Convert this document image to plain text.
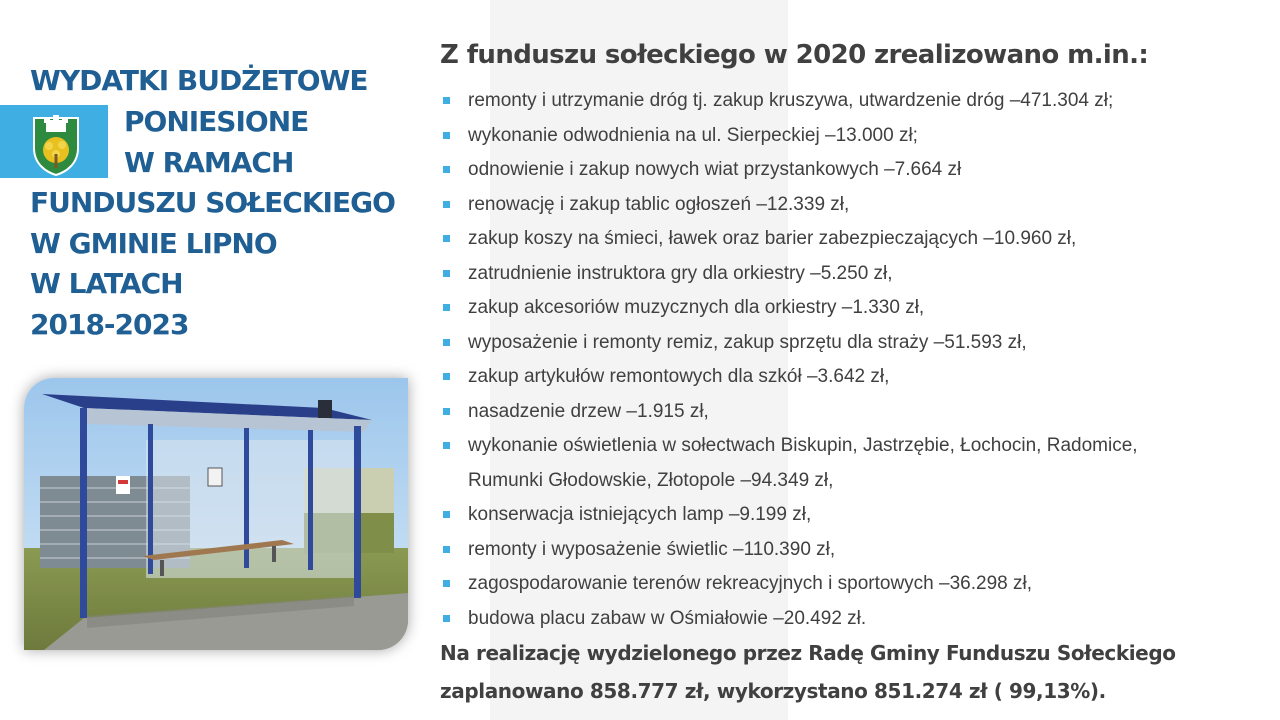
WYDATKI BUDŻETOWE
PONIESIONE
W RAMACH
FUNDUSZU SOŁECKIEGO
W GMINIE LIPNO
W LATACH
2018-2023
Z funduszu sołeckiego w 2020 zrealizowano m.in.:
remonty i utrzymanie dróg tj. zakup kruszywa, utwardzenie dróg –471.304 zł;
wykonanie odwodnienia na ul. Sierpeckiej –13.000 zł;
odnowienie i zakup nowych wiat przystankowych –7.664 zł
renowację i zakup tablic ogłoszeń –12.339 zł,
zakup koszy na śmieci, ławek oraz barier zabezpieczających –10.960 zł,
zatrudnienie instruktora gry dla orkiestry –5.250 zł,
zakup akcesoriów muzycznych dla orkiestry –1.330 zł,
wyposażenie i remonty remiz, zakup sprzętu dla straży –51.593 zł,
zakup artykułów remontowych dla szkół –3.642 zł,
nasadzenie drzew –1.915 zł,
wykonanie oświetlenia w sołectwach Biskupin, Jastrzębie, Łochocin, Radomice,
Rumunki Głodowskie, Złotopole –94.349 zł,
konserwacja istniejących lamp –9.199 zł,
remonty i wyposażenie świetlic –110.390 zł,
zagospodarowanie terenów rekreacyjnych i sportowych –36.298 zł,
budowa placu zabaw w Ośmiałowie –20.492 zł.
Na realizację wydzielonego przez Radę Gminy Funduszu Sołeckiego
zaplanowano 858.777 zł, wykorzystano 851.274 zł ( 99,13%).
